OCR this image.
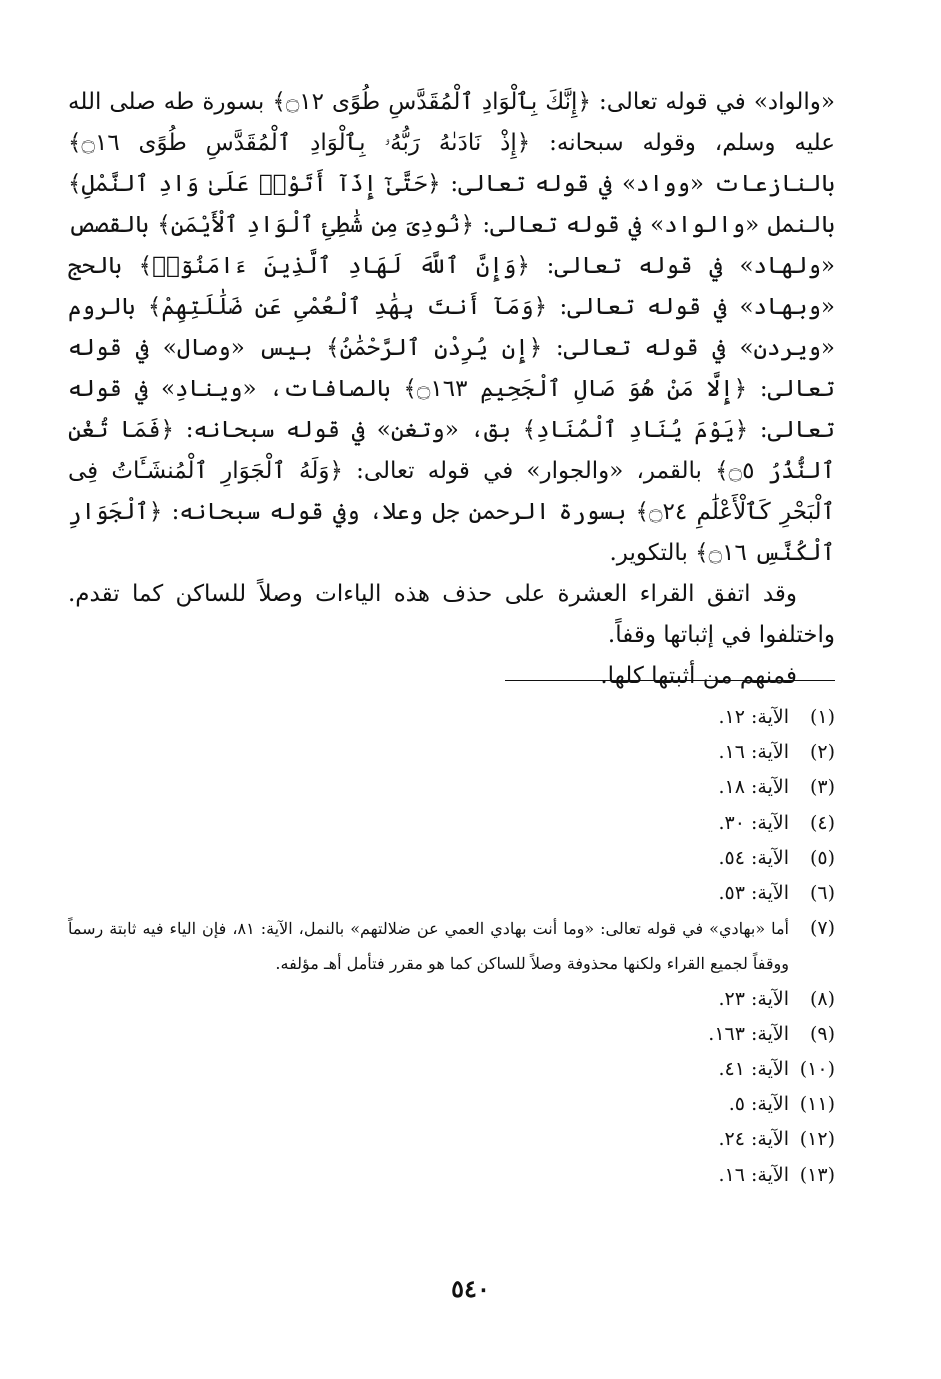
«والواد» في قوله تعالى: ﴿إِنَّكَ بِٱلْوَادِ ٱلْمُقَدَّسِ طُوًى ۝١٢﴾ بسورة طه صلى الله عليه وسلم، وقوله سبحانه: ﴿إِذْ نَادَىٰهُ رَبُّهُۥ بِٱلْوَادِ ٱلْمُقَدَّسِ طُوًى ۝١٦﴾ بالنازعات «وواد» في قوله تعالى: ﴿حَتَّىٰٓ إِذَآ أَتَوْا۟ عَلَىٰ وَادِ ٱلنَّمْلِ﴾ بالنمل «والواد» في قوله تعالى: ﴿نُودِىَ مِن شَٰطِئِ ٱلْوَادِ ٱلْأَيْمَنِ﴾ بالقصص «ولهاد» في قوله تعالى: ﴿وَإِنَّ ٱللَّهَ لَهَادِ ٱلَّذِينَ ءَامَنُوٓا۟﴾ بالحج «وبهاد» في قوله تعالى: ﴿وَمَآ أَنتَ بِهَٰدِ ٱلْعُمْىِ عَن ضَلَٰلَتِهِمْ﴾ بالروم «ويردن» في قوله تعالى: ﴿إِن يُرِدْنِ ٱلرَّحْمَٰنُ﴾ بيس «وصال» في قوله تعالى: ﴿إِلَّا مَنْ هُوَ صَالِ ٱلْجَحِيمِ ۝١٦٣﴾ بالصافات، «وينادِ» في قوله تعالى: ﴿يَوْمَ يُنَادِ ٱلْمُنَادِ﴾ بق، «وتغن» في قوله سبحانه: ﴿فَمَا تُغْنِ ٱلنُّذُرُ ۝٥﴾ بالقمر، «والجوار» في قوله تعالى: ﴿وَلَهُ ٱلْجَوَارِ ٱلْمُنشَـَٔاتُ فِى ٱلْبَحْرِ كَٱلْأَعْلَٰمِ ۝٢٤﴾ بسورة الرحمن جل وعلا، وفي قوله سبحانه: ﴿ٱلْجَوَارِ ٱلْكُنَّسِ ۝١٦﴾ بالتكوير.

وقد اتفق القراء العشرة على حذف هذه الياءات وصلاً للساكن كما تقدم. واختلفوا في إثباتها وقفاً.

فمنهم من أثبتها كلها.

(١)
الآية: ١٢.
(٢)
الآية: ١٦.
(٣)
الآية: ١٨.
(٤)
الآية: ٣٠.
(٥)
الآية: ٥٤.
(٦)
الآية: ٥٣.
(٧)
أما «بهادي» في قوله تعالى: «وما أنت بهادي العمي عن ضلالتهم» بالنمل، الآية: ٨١، فإن الياء فيه ثابتة رسماً ووقفاً لجميع القراء ولكنها محذوفة وصلاً للساكن كما هو مقرر فتأمل أهـ مؤلفه.
(٨)
الآية: ٢٣.
(٩)
الآية: ١٦٣.
(١٠)
الآية: ٤١.
(١١)
الآية: ٥.
(١٢)
الآية: ٢٤.
(١٣)
الآية: ١٦.
٥٤٠
